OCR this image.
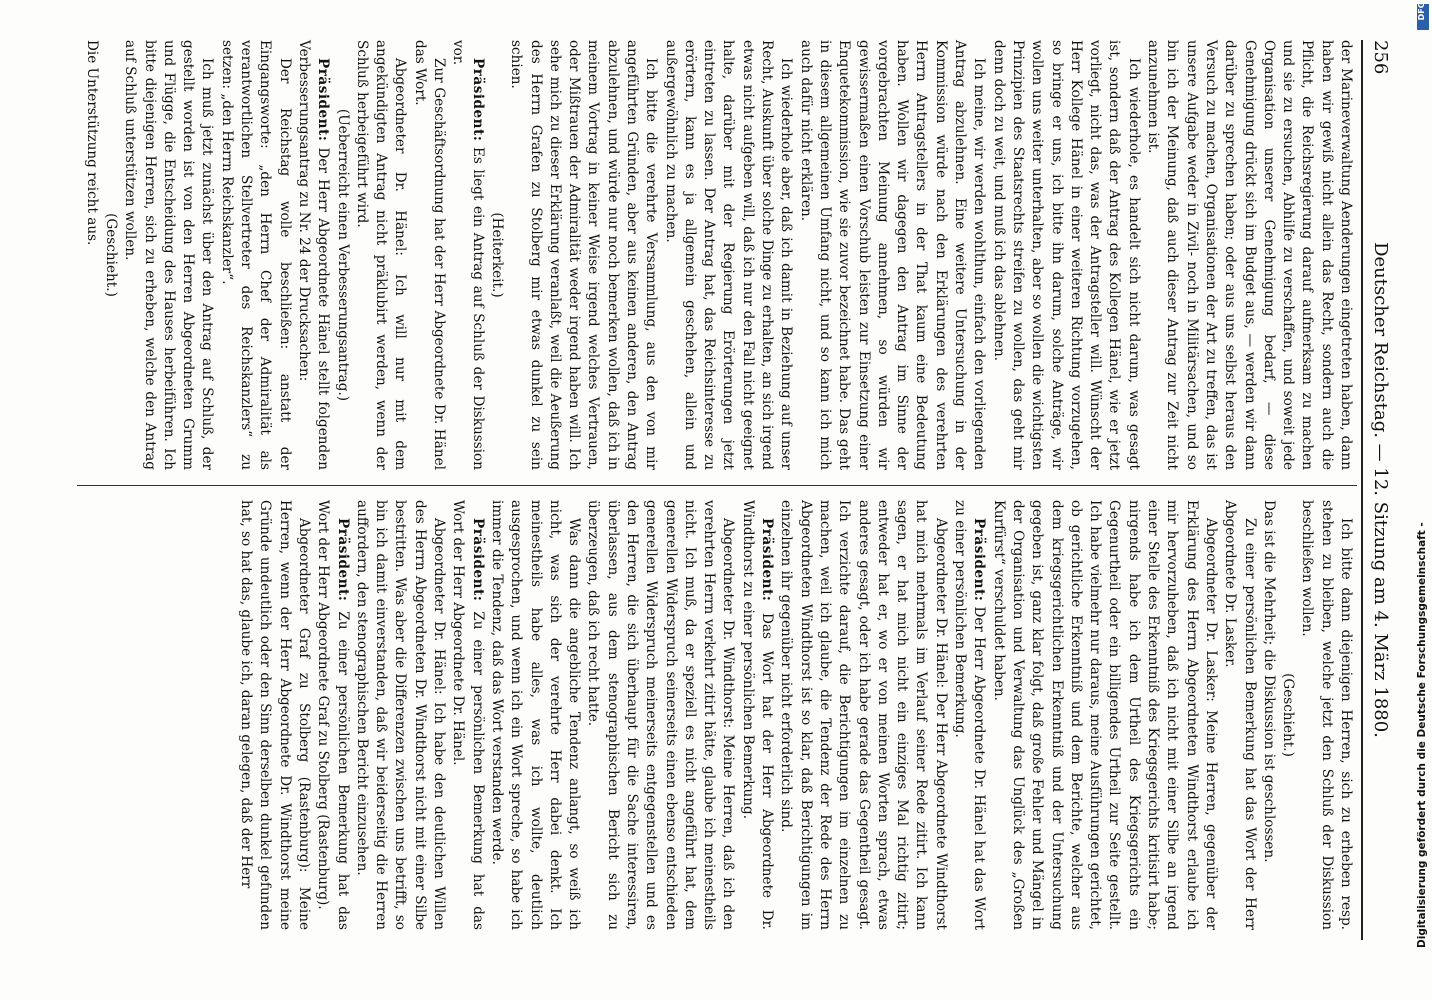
256
Deutscher Reichstag. — 12. Sitzung am 4. März 1880.

der Marineverwaltung Aenderungen eingetreten haben, dann haben wir gewiß nicht allein das Recht, sondern auch die Pflicht, die Reichsregierung darauf aufmerksam zu machen und sie zu ersuchen, Abhilfe zu verschaffen, und soweit jede Organisation unserer Genehmigung bedarf, — diese Genehmigung drückt sich im Budget aus, — werden wir dann darüber zu sprechen haben; oder aus uns selbst heraus den Versuch zu machen, Organisationen der Art zu treffen, das ist unsere Aufgabe weder in Zivil- noch in Militärsachen, und so bin ich der Meinung, daß auch dieser Antrag zur Zeit nicht anzunehmen ist.

Ich wiederhole, es handelt sich nicht darum, was gesagt ist, sondern daß der Antrag des Kollegen Hänel, wie er jetzt vorliegt, nicht das, was der Antragsteller will. Wünscht der Herr Kollege Hänel in einer weiteren Richtung vorzugehen, so bringe er uns, ich bitte ihn darum, solche Anträge, wir wollen uns weiter unterhalten, aber so wollen die wichtigsten Prinzipien des Staatsrechts streifen zu wollen, das geht mir denn doch zu weit, und muß ich das ablehnen.

Ich meine, wir werden wohlthun, einfach den vorliegenden Antrag abzulehnen. Eine weitere Untersuchung in der Kommission würde nach den Erklärungen des verehrten Herrn Antragstellers in der That kaum eine Bedeutung haben. Wollen wir dagegen den Antrag im Sinne der vorgebrachten Meinung annehmen, so würden wir gewissermaßen einen Vorschub leisten zur Einsetzung einer Enquetekommission, wie sie zuvor bezeichnet habe. Das geht in diesem allgemeinen Umfang nicht, und so kann ich mich auch dafür nicht erklären.

Ich wiederhole aber, daß ich damit in Beziehung auf unser Recht, Auskunft über solche Dinge zu erhalten, an sich irgend etwas nicht aufgeben will, daß ich nur den Fall nicht geeignet halte, darüber mit der Regierung Erörterungen jetzt eintreten zu lassen. Der Antrag hat, das Reichsinteresse zu erörtern, kann es ja allgemein geschehen, allein und außergewöhnlich zu machen.

Ich bitte die verehrte Versammlung, aus den von mir angeführten Gründen, aber aus keinen anderen, den Antrag abzulehnen, und würde nur noch bemerken wollen, daß ich in meinem Vortrag in keiner Weise irgend welches Vertrauen, oder Mißtrauen der Admiralität weder irgend haben will. Ich sehe mich zu dieser Erklärung veranlaßt, weil die Aeußerung des Herrn Grafen zu Stolberg mir etwas dunkel zu sein schien.

(Heiterkeit.)

Präsident: Es liegt ein Antrag auf Schluß der Diskussion vor.

Zur Geschäftsordnung hat der Herr Abgeordnete Dr. Hänel das Wort.

Abgeordneter Dr. Hänel: Ich will nur mit dem angekündigten Antrag nicht präklubirt werden, wenn der Schluß herbeigeführt wird.

(Ueberreicht einen Verbesserungsantrag.)

Präsident: Der Herr Abgeordnete Hänel stellt folgenden Verbesserungsantrag zu Nr. 24 der Drucksachen:

Der Reichstag wolle beschließen: anstatt der Eingangsworte: „den Herrn Chef der Admiralität als verantwortlichen Stellvertreter des Reichskanzlers“ zu setzen: „den Herrn Reichskanzler“.

Ich muß jetzt zunächst über den Antrag auf Schluß, der gestellt worden ist von den Herren Abgeordneten Grumm und Flügge, die Entscheidung des Hauses herbeiführen. Ich bitte diejenigen Herren, sich zu erheben, welche den Antrag auf Schluß unterstützen wollen.

(Geschieht.)

Die Unterstützung reicht aus.

Ich bitte dann diejenigen Herren, sich zu erheben resp. stehen zu bleiben, welche jetzt den Schluß der Diskussion beschließen wollen.

(Geschieht.)

Das ist die Mehrheit; die Diskussion ist geschlossen.

Zu einer persönlichen Bemerkung hat das Wort der Herr Abgeordnete Dr. Lasker.

Abgeordneter Dr. Lasker: Meine Herren, gegenüber der Erklärung des Herrn Abgeordneten Windthorst erlaube ich mir hervorzuheben, daß ich nicht mit einer Silbe an irgend einer Stelle des Erkenntniß des Kriegsgerichts kritisirt habe; nirgends habe ich dem Urtheil des Kriegsgerichts ein Gegenurtheil oder ein billigendes Urtheil zur Seite gestellt. Ich habe vielmehr nur daraus, meine Ausführungen gerichtet, ob gerichtliche Erkenntniß und dem Berichte, welcher aus dem kriegsgerichtlichen Erkenntniß und der Untersuchung gegeben ist, ganz klar folgt, daß große Fehler und Mängel in der Organisation und Verwaltung das Unglück des „Großen Kurfürst“ verschuldet haben.

Präsident: Der Herr Abgeordnete Dr. Hänel hat das Wort zu einer persönlichen Bemerkung.

Abgeordneter Dr. Hänel: Der Herr Abgeordnete Windthorst hat mich mehrmals im Verlauf seiner Rede zitirt. Ich kann sagen, er hat mich nicht ein einziges Mal richtig zitirt; entweder hat er, wo er von meinen Worten sprach, etwas anderes gesagt, oder ich habe gerade das Gegentheil gesagt. Ich verzichte darauf, die Berichtigungen im einzelnen zu machen, weil ich glaube, die Tendenz der Rede des Herrn Abgeordneten Windthorst ist so klar, daß Berichtigungen im einzelnen ihr gegenüber nicht erforderlich sind.

Präsident: Das Wort hat der Herr Abgeordnete Dr. Windthorst zu einer persönlichen Bemerkung.

Abgeordneter Dr. Windthorst: Meine Herren, daß ich den verehrten Herrn verkehrt zitirt hätte, glaube ich meinestheils nicht. Ich muß, da er speziell es nicht angeführt hat, dem generellen Widerspruch seinerseits einen ebenso entschieden generellen Widerspruch meinerseits entgegenstellen und es den Herren, die sich überhaupt für die Sache interessiren, überlassen, aus dem stenographischen Bericht sich zu überzeugen, daß ich recht hatte.

Was dann die angebliche Tendenz anlangt, so weiß ich nicht, was sich der verehrte Herr dabei denkt. Ich meinestheils habe alles, was ich wollte, deutlich ausgesprochen, und wenn ich ein Wort spreche, so habe ich immer die Tendenz, daß das Wort verstanden werde.

Präsident: Zu einer persönlichen Bemerkung hat das Wort der Herr Abgeordnete Dr. Hänel.

Abgeordneter Dr. Hänel: Ich habe den deutlichen Willen des Herrn Abgeordneten Dr. Windthorst nicht mit einer Silbe bestritten. Was aber die Differenzen zwischen uns betrifft, so bin ich damit einverstanden, daß wir beiderseitig die Herren auffordern, den stenographischen Bericht einzusehen.

Präsident: Zu einer persönlichen Bemerkung hat das Wort der Herr Abgeordnete Graf zu Stolberg (Rastenburg).

Abgeordneter Graf zu Stolberg (Rastenburg): Meine Herren, wenn der Herr Abgeordnete Dr. Windthorst meine Gründe undeutlich oder den Sinn derselben dunkel gefunden hat, so hat das, glaube ich, daran gelegen, daß der Herr	Digitalisierung gefördert durch die Deutsche Forschungsgemeinschaft -
DFG
